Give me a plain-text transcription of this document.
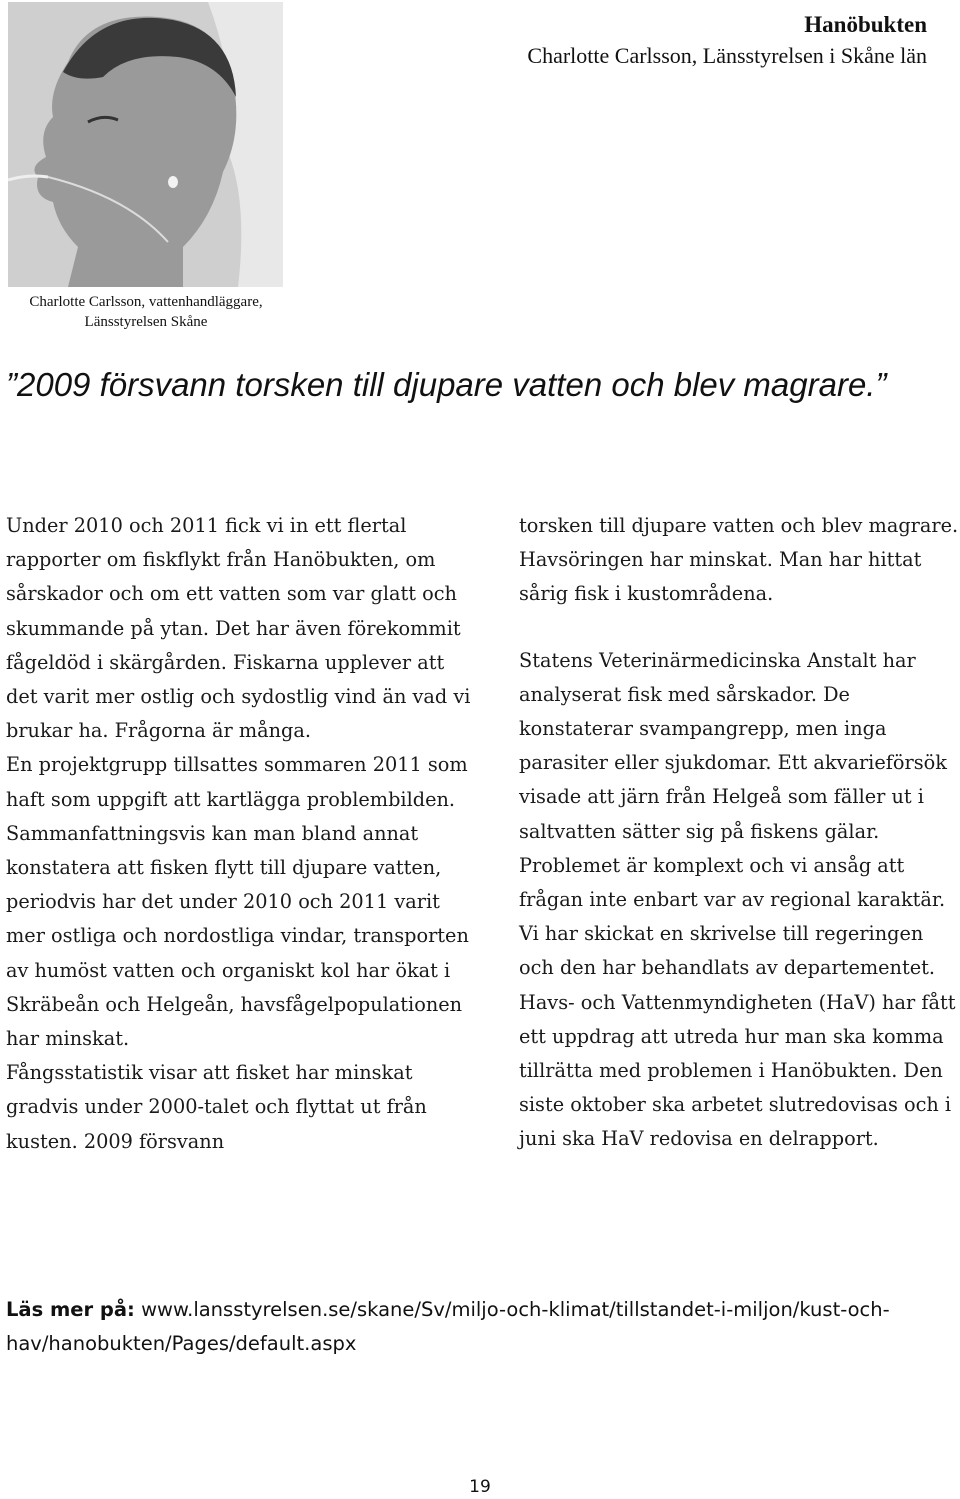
Hanöbukten
Charlotte Carlsson, Länsstyrelsen i Skåne län
Charlotte Carlsson, vattenhandläggare,
Länsstyrelsen Skåne
”2009 försvann torsken till djupare vatten och blev magrare.”

Under 2010 och 2011 fick vi in ett flertal rapporter om fiskflykt från Hanöbukten, om sårskador och om ett vatten som var glatt och skummande på ytan. Det har även förekommit fågeldöd i skärgården. Fiskarna upplever att det varit mer ostlig och sydostlig vind än vad vi brukar ha. Frågorna är många.

En projektgrupp tillsattes sommaren 2011 som haft som uppgift att kartlägga problembilden. Sammanfattningsvis kan man bland annat konstatera att fisken flytt till djupare vatten, periodvis har det under 2010 och 2011 varit mer ostliga och nordostliga vindar, transporten av humöst vatten och organiskt kol har ökat i Skräbeån och Helgeån, havsfågelpopulationen har minskat.

Fångsstatistik visar att fisket har minskat gradvis under 2000-talet och flyttat ut från kusten. 2009 försvann

torsken till djupare vatten och blev magrare. Havsöringen har minskat. Man har hittat sårig fisk i kustområdena.

Statens Veterinärmedicinska Anstalt har analyserat fisk med sårskador. De konstaterar svampangrepp, men inga parasiter eller sjukdomar. Ett akvarieförsök visade att järn från Helgeå som fäller ut i saltvatten sätter sig på fiskens gälar.

Problemet är komplext och vi ansåg att frågan inte enbart var av regional karaktär. Vi har skickat en skrivelse till regeringen och den har behandlats av departementet. Havs- och Vattenmyndigheten (HaV) har fått ett uppdrag att utreda hur man ska komma tillrätta med problemen i Hanöbukten. Den siste oktober ska arbetet slutredovisas och i juni ska HaV redovisa en delrapport.

Läs mer på: www.lansstyrelsen.se/skane/Sv/miljo-och-klimat/tillstandet-i-miljon/kust-och-hav/hanobukten/Pages/default.aspx
19
